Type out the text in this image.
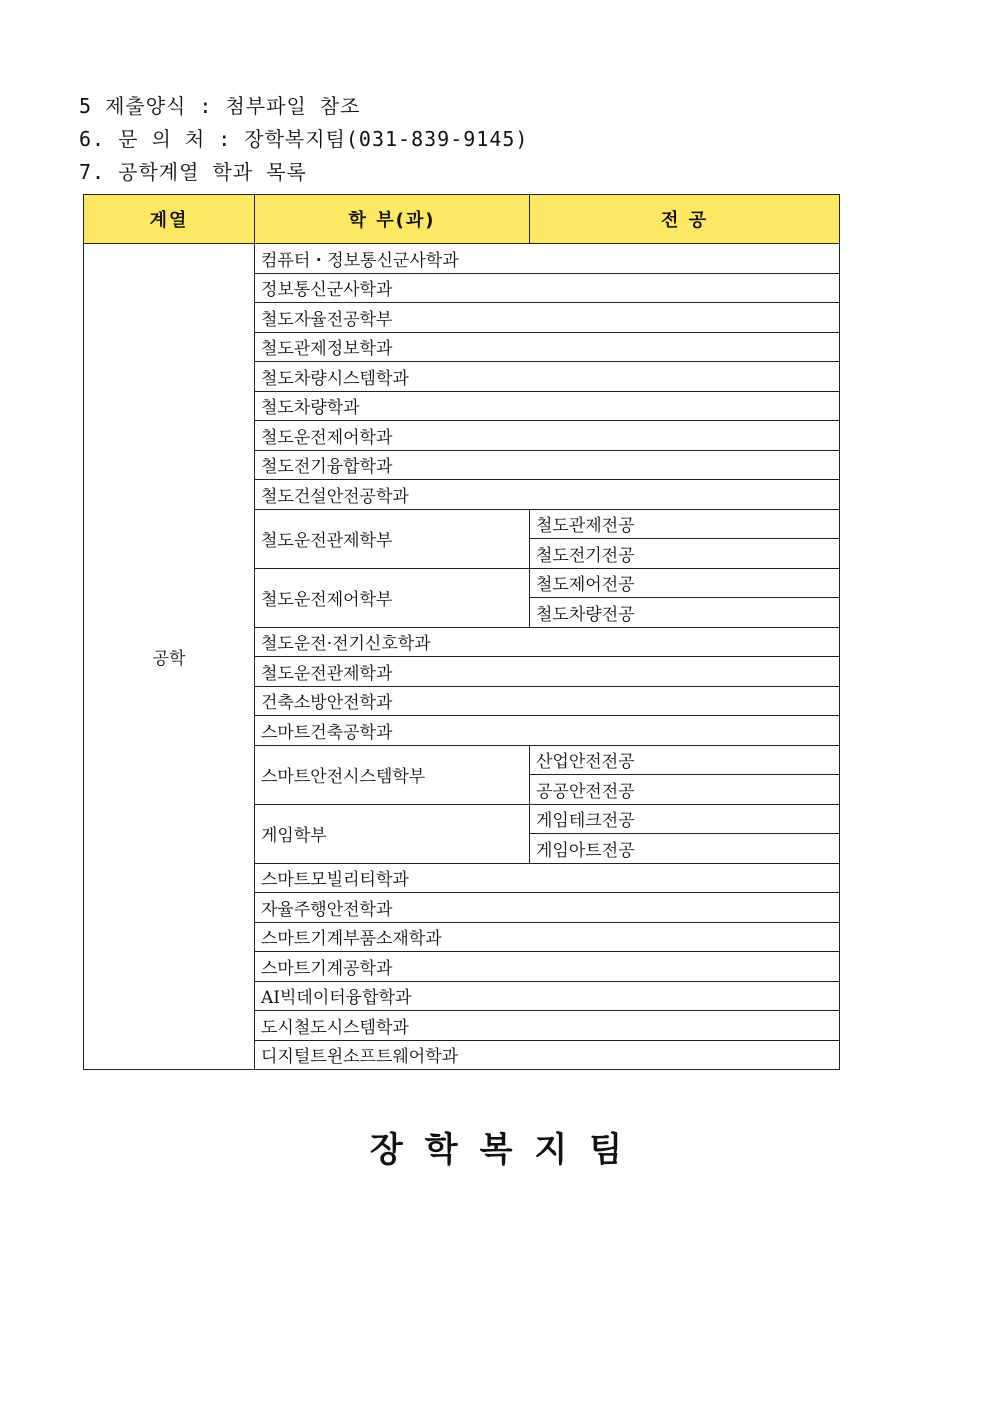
5 제출양식 : 첨부파일 참조
6. 문 의 처 : 장학복지팀(031-839-9145)
7. 공학계열 학과 목록
계열	학 부(과)	전 공
공학	컴퓨터・정보통신군사학과	
	정보통신군사학과	
	철도자율전공학부	
	철도관제정보학과	
	철도차량시스템학과	
	철도차량학과	
	철도운전제어학과	
	철도전기융합학과	
	철도건설안전공학과	
	철도운전관제학부	철도관제전공
		철도전기전공
	철도운전제어학부	철도제어전공
		철도차량전공
	철도운전·전기신호학과	
	철도운전관제학과	
	건축소방안전학과	
	스마트건축공학과	
	스마트안전시스템학부	산업안전전공
		공공안전전공
	게임학부	게임테크전공
		게임아트전공
	스마트모빌리티학과	
	자율주행안전학과	
	스마트기계부품소재학과	
	스마트기계공학과	
	AI빅데이터융합학과	
	도시철도시스템학과	
	디지털트윈소프트웨어학과	
장학복지팀
